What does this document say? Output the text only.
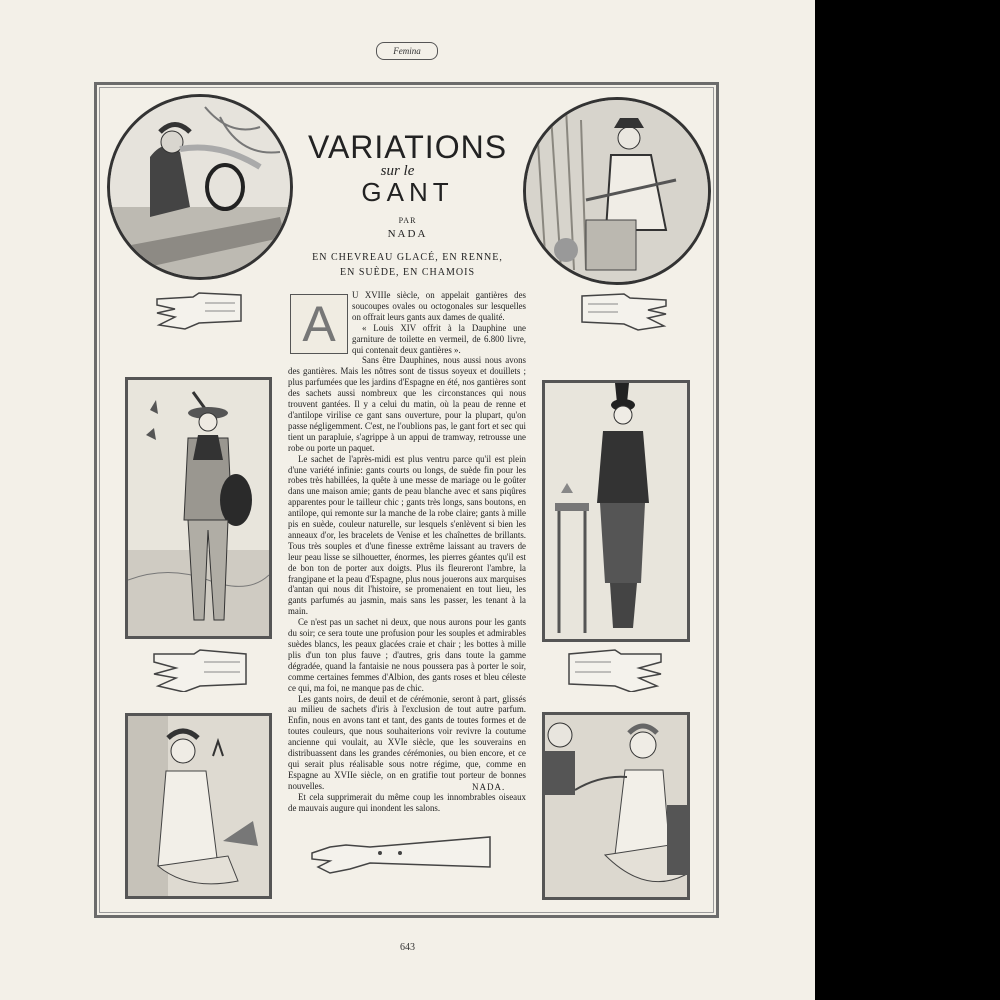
Femina
VARIATIONS
sur le
GANT
PAR
NADA
EN CHEVREAU GLACÉ, EN RENNE,
EN SUÈDE, EN CHAMOIS
A

U XVIIIe siècle, on appelait gantières des soucoupes ovales ou octogonales sur lesquelles on offrait leurs gants aux dames de qualité.

« Louis XIV offrit à la Dauphine une garniture de toilette en vermeil, de 6.800 livre, qui contenait deux gantières ».

Sans être Dauphines, nous aussi nous avons des gantières. Mais les nôtres sont de tissus soyeux et douillets ; plus parfumées que les jardins d'Espagne en été, nos gantières sont des sachets aussi nombreux que les circonstances qui nous trouvent gantées. Il y a celui du matin, où la peau de renne et d'antilope virilise ce gant sans ouverture, pour la plupart, qu'on passe négligemment. C'est, ne l'oublions pas, le gant fort et sec qui tient un parapluie, s'agrippe à un appui de tramway, retrousse une robe ou porte un paquet.

Le sachet de l'après-midi est plus ventru parce qu'il est plein d'une variété infinie: gants courts ou longs, de suède fin pour les robes très habillées, la quête à une messe de mariage ou le goûter dans une maison amie; gants de peau blanche avec et sans piqûres apparentes pour le tailleur chic ; gants très longs, sans boutons, en antilope, qui remonte sur la manche de la robe claire; gants à mille pis en suède, couleur naturelle, sur lesquels s'enlèvent si bien les anneaux d'or, les bracelets de Venise et les chaînettes de brillants. Tous très souples et d'une finesse extrême laissant au travers de leur peau lisse se silhouetter, énormes, les pierres géantes qu'il est de bon ton de porter aux doigts. Plus ils fleureront l'ambre, la frangipane et la peau d'Espagne, plus nous jouerons aux marquises d'antan qui nous dit l'histoire, se promenaient en tout lieu, les gants parfumés au jasmin, mais sans les passer, les tenant à la main.

Ce n'est pas un sachet ni deux, que nous aurons pour les gants du soir; ce sera toute une profusion pour les souples et admirables suèdes blancs, les peaux glacées craie et chair ; les bottes à mille plis d'un ton plus fauve ; d'autres, gris dans toute la gamme dégradée, quand la fantaisie ne nous poussera pas à porter le soir, comme certaines femmes d'Albion, des gants roses et bleu céleste ce qui, ma foi, ne manque pas de chic.

Les gants noirs, de deuil et de cérémonie, seront à part, glissés au milieu de sachets d'iris à l'exclusion de tout autre parfum. Enfin, nous en avons tant et tant, des gants de toutes formes et de toutes couleurs, que nous souhaiterions voir revivre la coutume ancienne qui voulait, au XVIe siècle, que les souverains en distribuassent dans les grandes cérémonies, ou bien encore, et ce qui serait plus réalisable sous notre régime, que, comme en Espagne au XVIIe siècle, on en gratifie tout porteur de bonnes nouvelles.

Et cela supprimerait du même coup les innombrables oiseaux de mauvais augure qui inondent les salons.

NADA.
643
